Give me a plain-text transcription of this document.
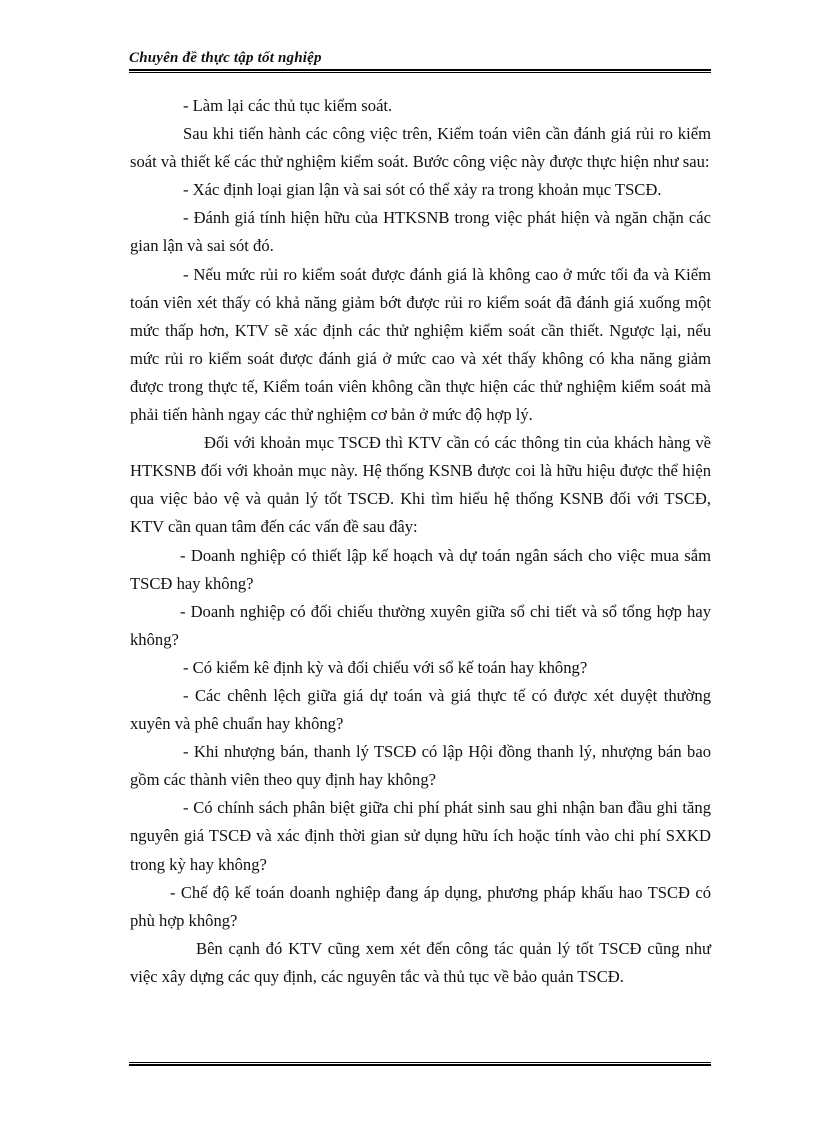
Chuyên đề thực tập tốt nghiệp

- Làm lại các thủ tục kiểm soát.

Sau khi tiến hành các công việc trên, Kiểm toán viên cần đánh giá rủi ro kiểm soát và thiết kế các thử nghiệm kiểm soát. Bước công việc này được thực hiện như sau:

- Xác định loại gian lận và sai sót có thể xảy ra trong khoản mục TSCĐ.

- Đánh giá tính hiện hữu của HTKSNB trong việc phát hiện và ngăn chặn các gian lận và sai sót đó.

- Nếu mức rủi ro kiểm soát được đánh giá là không cao ở mức tối đa và Kiểm toán viên xét thấy có khả năng giảm bớt được rủi ro kiểm soát đã đánh giá xuống một mức thấp hơn, KTV sẽ xác định các thử nghiệm kiểm soát cần thiết. Ngược lại, nếu mức rủi ro kiểm soát được đánh giá ở mức cao và xét thấy không có kha năng giảm được trong thực tế, Kiểm toán viên không cần thực hiện các thử nghiệm kiểm soát mà phải tiến hành ngay các thử nghiệm cơ bản ở mức độ hợp lý.

Đối với khoản mục TSCĐ thì KTV cần có các thông tin của khách hàng về HTKSNB đối với khoản mục này. Hệ thống KSNB được coi là hữu hiệu được thể hiện qua việc bảo vệ và quản lý tốt TSCĐ. Khi tìm hiểu hệ thống KSNB đối với TSCĐ, KTV cần quan tâm đến các vấn đề sau đây:

- Doanh nghiệp có thiết lập kế hoạch và dự toán ngân sách cho việc mua sắm TSCĐ hay không?

- Doanh nghiệp có đối chiếu thường xuyên giữa sổ chi tiết và sổ tổng hợp hay không?

- Có kiểm kê định kỳ và đối chiếu với sổ kế toán hay không?

- Các chênh lệch giữa giá dự toán và giá thực tế có được xét duyệt thường xuyên và phê chuẩn hay không?

- Khi nhượng bán, thanh lý TSCĐ có lập Hội đồng thanh lý, nhượng bán bao gồm các thành viên theo quy định hay không?

- Có chính sách phân biệt giữa chi phí phát sinh sau ghi nhận ban đầu ghi tăng nguyên giá TSCĐ và xác định thời gian sử dụng hữu ích hoặc tính vào chi phí SXKD trong kỳ hay không?

- Chế độ kế toán doanh nghiệp đang áp dụng, phương pháp khấu hao TSCĐ có phù hợp không?

Bên cạnh đó KTV cũng xem xét đến công tác quản lý tốt TSCĐ cũng như việc xây dựng các quy định, các nguyên tắc và thủ tục về bảo quản TSCĐ.
